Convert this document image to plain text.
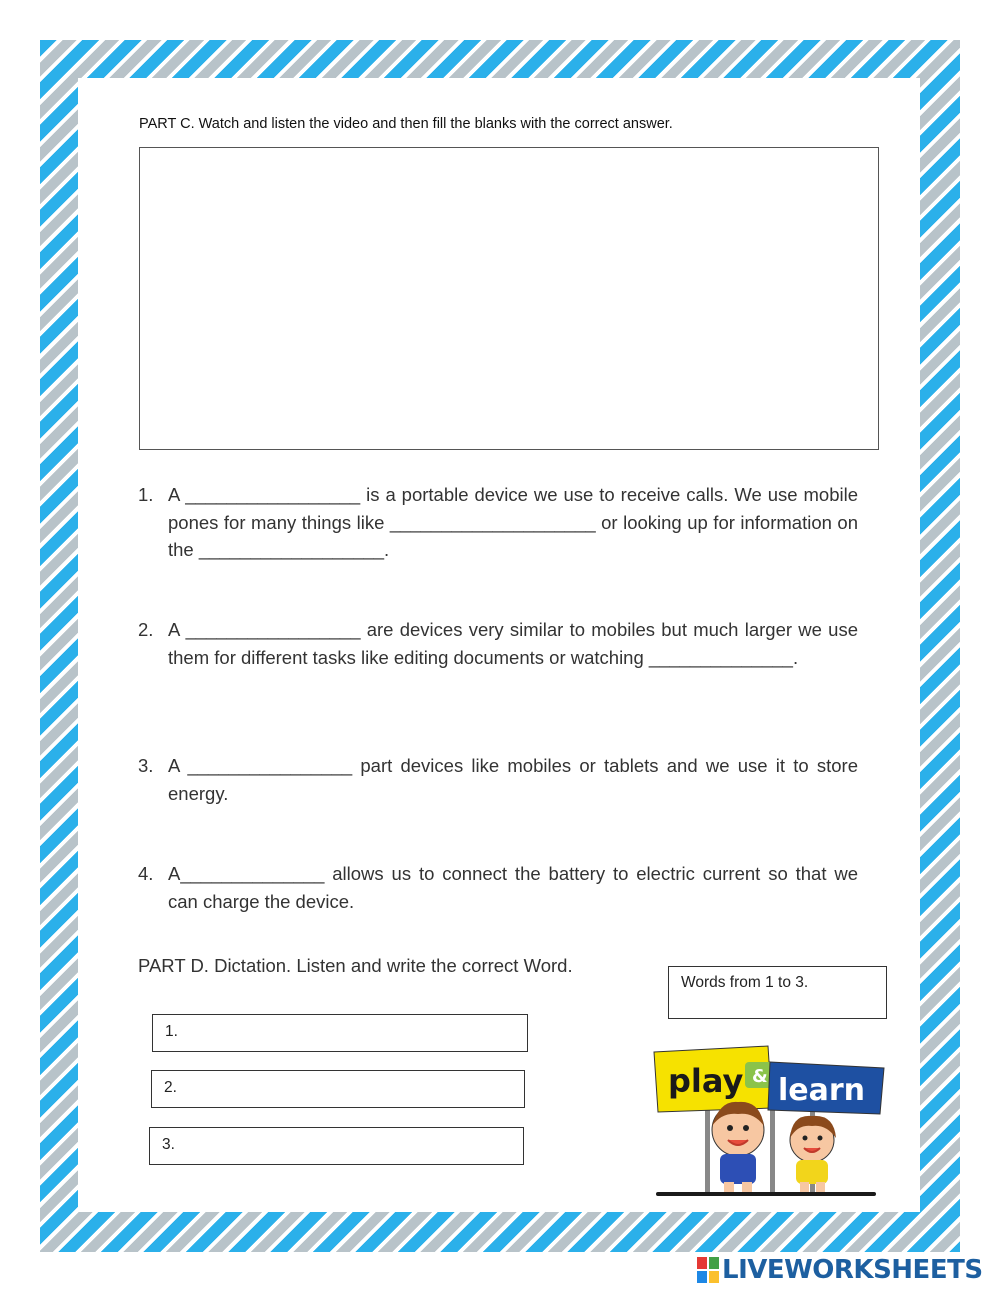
PART C. Watch and listen the video and then fill the blanks with the correct answer.
1. A _________________ is a portable device we use to receive calls. We use mobile pones for many things like ____________________ or looking up for information on the __________________.
2. A _________________ are devices very similar to mobiles but much larger we use them for different tasks like editing documents or watching ______________.
3. A ________________ part devices like mobiles or tablets and we use it to store energy.
4. A______________ allows us to connect the battery to electric current so that we can charge the device.
PART D. Dictation. Listen and write the correct Word.
Words from 1 to 3.
1.
2.
3.
play & learn
LIVEWORKSHEETS
